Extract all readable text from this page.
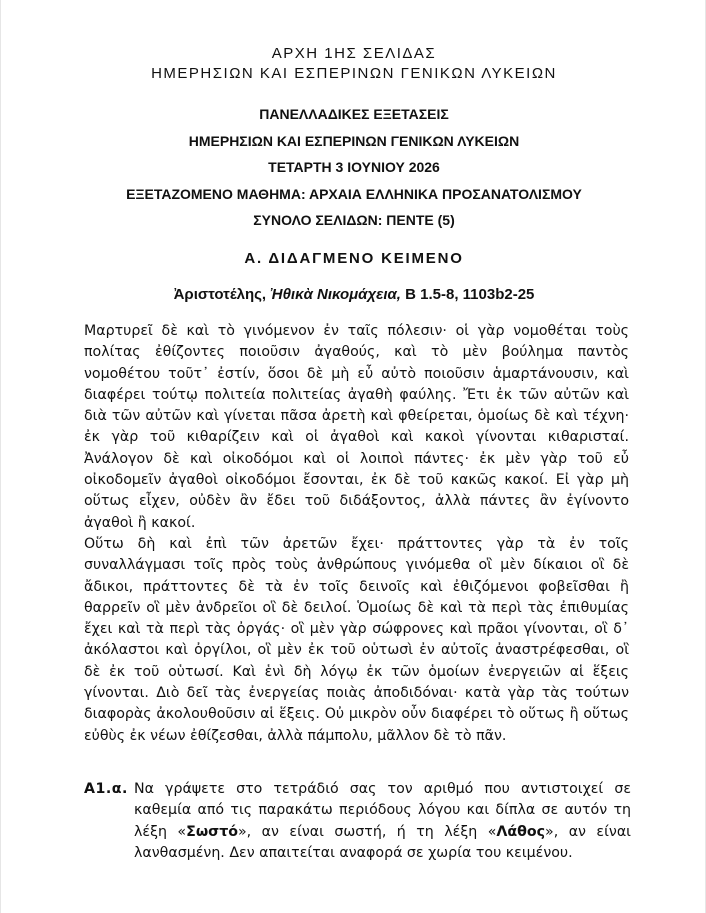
ΑΡΧΗ 1ΗΣ ΣΕΛΙΔΑΣ
ΗΜΕΡΗΣΙΩΝ ΚΑΙ ΕΣΠΕΡΙΝΩΝ ΓΕΝΙΚΩΝ ΛΥΚΕΙΩΝ
ΠΑΝΕΛΛΑΔΙΚΕΣ ΕΞΕΤΑΣΕΙΣ
ΗΜΕΡΗΣΙΩΝ ΚΑΙ ΕΣΠΕΡΙΝΩΝ ΓΕΝΙΚΩΝ ΛΥΚΕΙΩΝ
ΤΕΤΑΡΤΗ 3 ΙΟΥΝΙΟΥ 2026
ΕΞΕΤΑΖΟΜΕΝΟ ΜΑΘΗΜΑ: ΑΡΧΑΙΑ ΕΛΛΗΝΙΚΑ ΠΡΟΣΑΝΑΤΟΛΙΣΜΟΥ
ΣΥΝΟΛΟ ΣΕΛΙΔΩΝ: ΠΕΝΤΕ (5)
Α. ΔΙΔΑΓΜΕΝΟ ΚΕΙΜΕΝΟ
Ἀριστοτέλης, Ἠθικὰ Νικομάχεια, Β 1.5-8, 1103b2-25

Μαρτυρεῖ δὲ καὶ τὸ γινόμενον ἐν ταῖς πόλεσιν· οἱ γὰρ νομοθέται τοὺς πολίτας ἐθίζοντες ποιοῦσιν ἀγαθούς, καὶ τὸ μὲν βούλημα παντὸς νομοθέτου τοῦτ᾽ ἐστίν, ὅσοι δὲ μὴ εὖ αὐτὸ ποιοῦσιν ἁμαρτάνουσιν, καὶ διαφέρει τούτῳ πολιτεία πολιτείας ἀγαθὴ φαύλης. Ἔτι ἐκ τῶν αὐτῶν καὶ διὰ τῶν αὐτῶν καὶ γίνεται πᾶσα ἀρετὴ καὶ φθείρεται, ὁμοίως δὲ καὶ τέχνη· ἐκ γὰρ τοῦ κιθαρίζειν καὶ οἱ ἀγαθοὶ καὶ κακοὶ γίνονται κιθαρισταί. Ἀνάλογον δὲ καὶ οἰκοδόμοι καὶ οἱ λοιποὶ πάντες· ἐκ μὲν γὰρ τοῦ εὖ οἰκοδομεῖν ἀγαθοὶ οἰκοδόμοι ἔσονται, ἐκ δὲ τοῦ κακῶς κακοί. Εἰ γὰρ μὴ οὕτως εἶχεν, οὐδὲν ἂν ἔδει τοῦ διδάξοντος, ἀλλὰ πάντες ἂν ἐγίνοντο ἀγαθοὶ ἢ κακοί.

Οὕτω δὴ καὶ ἐπὶ τῶν ἀρετῶν ἔχει· πράττοντες γὰρ τὰ ἐν τοῖς συναλλάγμασι τοῖς πρὸς τοὺς ἀνθρώπους γινόμεθα οἳ μὲν δίκαιοι οἳ δὲ ἄδικοι, πράττοντες δὲ τὰ ἐν τοῖς δεινοῖς καὶ ἐθιζόμενοι φοβεῖσθαι ἢ θαρρεῖν οἳ μὲν ἀνδρεῖοι οἳ δὲ δειλοί. Ὁμοίως δὲ καὶ τὰ περὶ τὰς ἐπιθυμίας ἔχει καὶ τὰ περὶ τὰς ὀργάς· οἳ μὲν γὰρ σώφρονες καὶ πρᾶοι γίνονται, οἳ δ᾽ ἀκόλαστοι καὶ ὀργίλοι, οἳ μὲν ἐκ τοῦ οὑτωσὶ ἐν αὐτοῖς ἀναστρέφεσθαι, οἳ δὲ ἐκ τοῦ οὑτωσί. Καὶ ἑνὶ δὴ λόγῳ ἐκ τῶν ὁμοίων ἐνεργειῶν αἱ ἕξεις γίνονται. Διὸ δεῖ τὰς ἐνεργείας ποιὰς ἀποδιδόναι· κατὰ γὰρ τὰς τούτων διαφορὰς ἀκολουθοῦσιν αἱ ἕξεις. Οὐ μικρὸν οὖν διαφέρει τὸ οὕτως ἢ οὕτως εὐθὺς ἐκ νέων ἐθίζεσθαι, ἀλλὰ πάμπολυ, μᾶλλον δὲ τὸ πᾶν.

Α1.α. Να γράψετε στο τετράδιό σας τον αριθμό που αντιστοιχεί σε καθεμία από τις παρακάτω περιόδους λόγου και δίπλα σε αυτόν τη λέξη «Σωστό», αν είναι σωστή, ή τη λέξη «Λάθος», αν είναι λανθασμένη. Δεν απαιτείται αναφορά σε χωρία του κειμένου.
